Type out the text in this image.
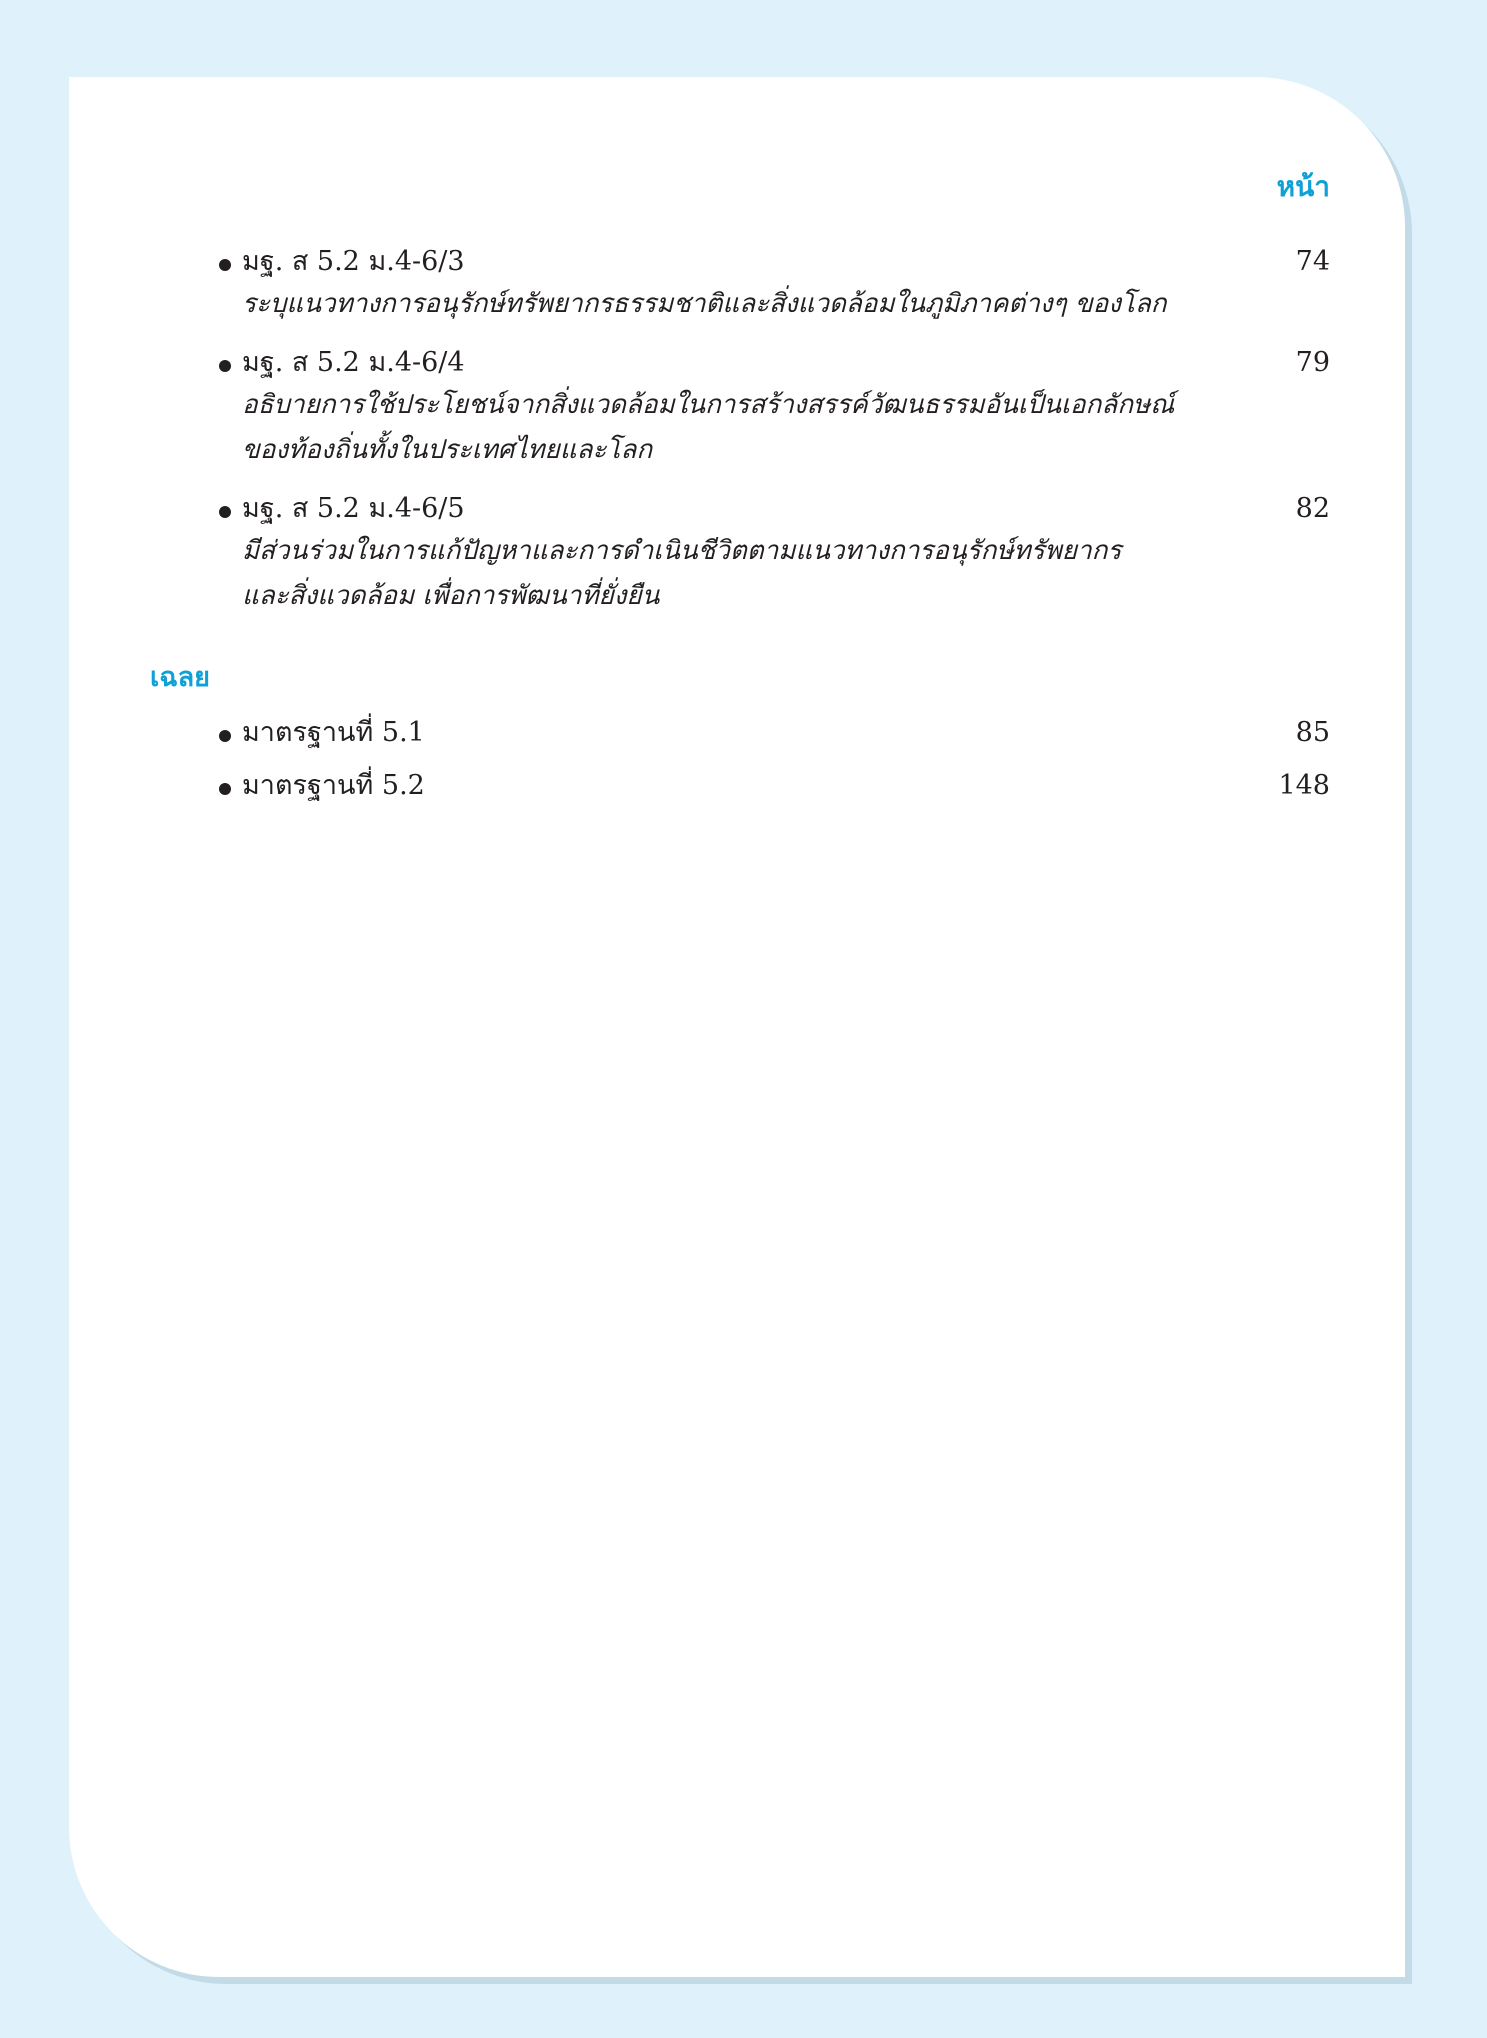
หน้า
มฐ. ส 5.2 ม.4-6/3	74
ระบุแนวทางการอนุรักษ์ทรัพยากรธรรมชาติและสิ่งแวดล้อมในภูมิภาคต่างๆ ของโลก
มฐ. ส 5.2 ม.4-6/4	79
อธิบายการใช้ประโยชน์จากสิ่งแวดล้อมในการสร้างสรรค์วัฒนธรรมอันเป็นเอกลักษณ์
ของท้องถิ่นทั้งในประเทศไทยและโลก
มฐ. ส 5.2 ม.4-6/5	82
มีส่วนร่วมในการแก้ปัญหาและการดำเนินชีวิตตามแนวทางการอนุรักษ์ทรัพยากร
และสิ่งแวดล้อม เพื่อการพัฒนาที่ยั่งยืน
เฉลย
มาตรฐานที่ 5.1	85
มาตรฐานที่ 5.2	148
